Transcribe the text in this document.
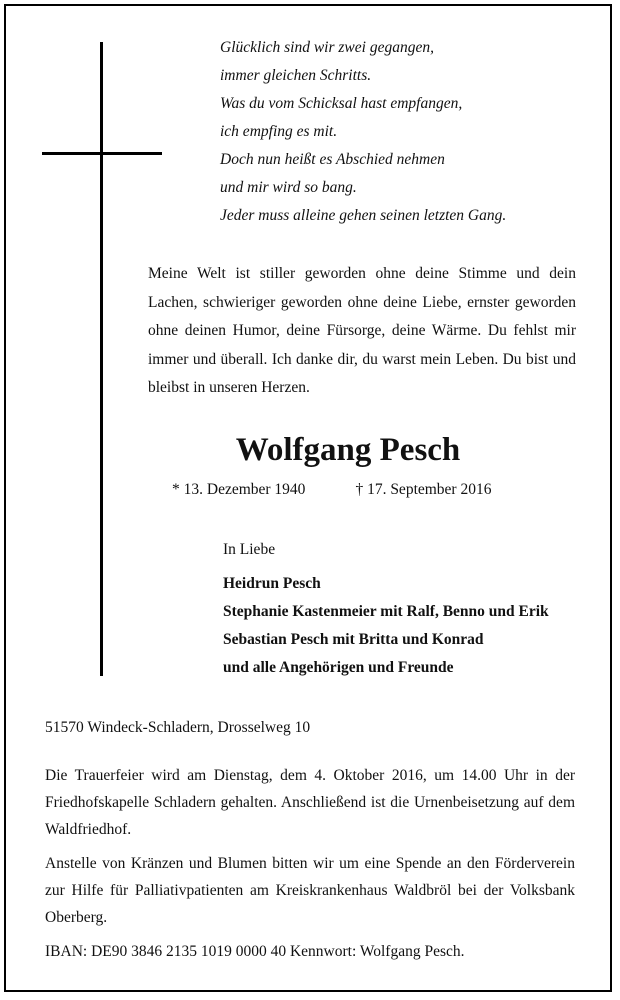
Glücklich sind wir zwei gegangen,
immer gleichen Schritts.
Was du vom Schicksal hast empfangen,
ich empfing es mit.
Doch nun heißt es Abschied nehmen
und mir wird so bang.
Jeder muss alleine gehen seinen letzten Gang.
Meine Welt ist stiller geworden ohne deine Stimme und dein Lachen, schwieriger geworden ohne deine Liebe, ernster geworden ohne deinen Humor, deine Fürsorge, deine Wärme. Du fehlst mir immer und überall. Ich danke dir, du warst mein Leben. Du bist und bleibst in unseren Herzen.
Wolfgang Pesch
* 13. Dezember 1940	† 17. September 2016
In Liebe
Heidrun Pesch
Stephanie Kastenmeier mit Ralf, Benno und Erik
Sebastian Pesch mit Britta und Konrad
und alle Angehörigen und Freunde
51570 Windeck-Schladern, Drosselweg 10
Die Trauerfeier wird am Dienstag, dem 4. Oktober 2016, um 14.00 Uhr in der Friedhofskapelle Schladern gehalten. Anschließend ist die Urnenbeisetzung auf dem Waldfriedhof.
Anstelle von Kränzen und Blumen bitten wir um eine Spende an den Förderverein zur Hilfe für Palliativpatienten am Kreiskrankenhaus Waldbröl bei der Volksbank Oberberg.
IBAN: DE90 3846 2135 1019 0000 40 Kennwort: Wolfgang Pesch.
